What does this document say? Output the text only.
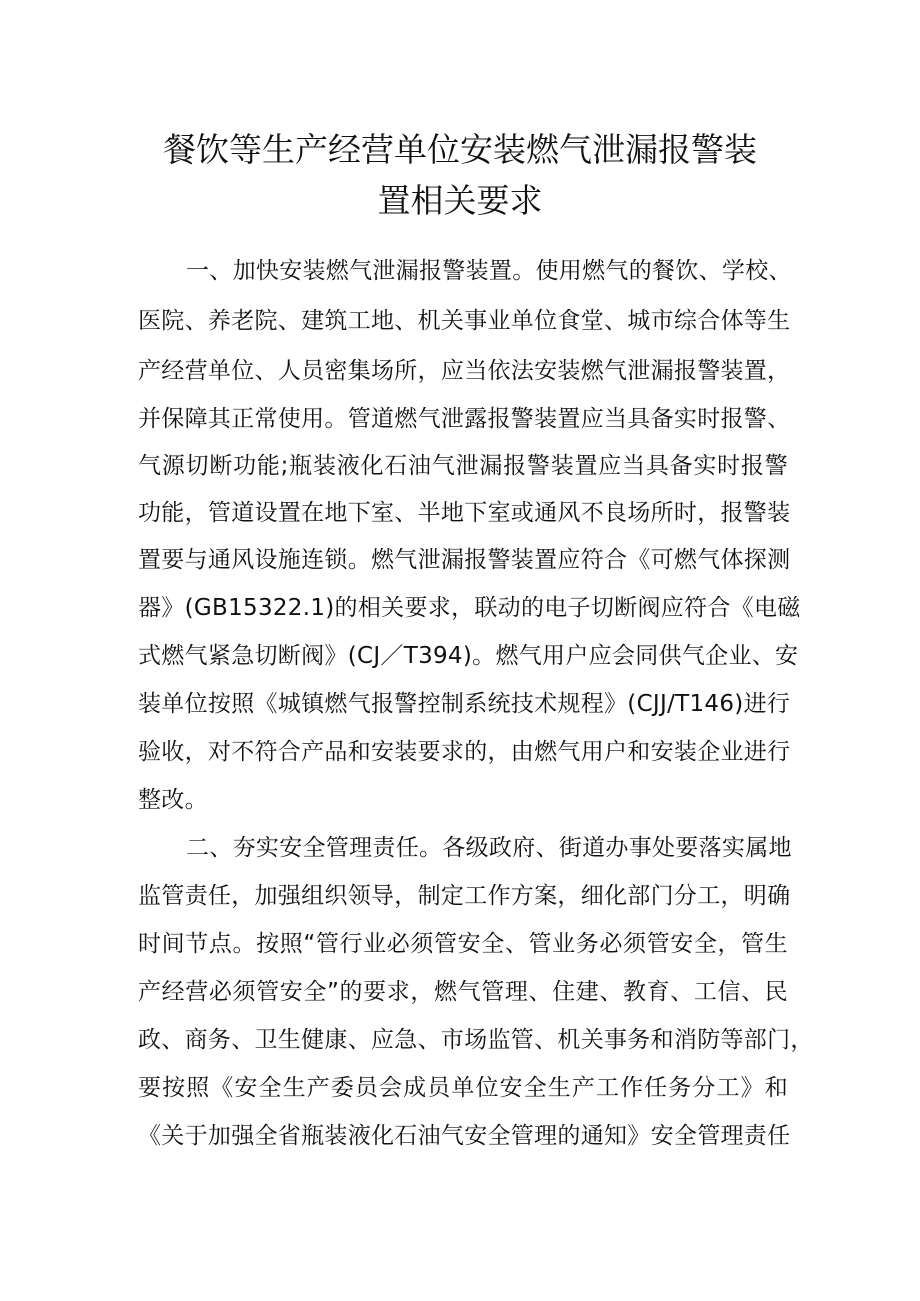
餐饮等生产经营单位安装燃气泄漏报警装
置相关要求
一、加快安装燃气泄漏报警装置。使用燃气的餐饮、学校、
医院、养老院、建筑工地、机关事业单位食堂、城市综合体等生
产经营单位、人员密集场所，应当依法安装燃气泄漏报警装置，
并保障其正常使用。管道燃气泄露报警装置应当具备实时报警、
气源切断功能;瓶装液化石油气泄漏报警装置应当具备实时报警
功能，管道设置在地下室、半地下室或通风不良场所时，报警装
置要与通风设施连锁。燃气泄漏报警装置应符合《可燃气体探测
器》(GB15322.1)的相关要求，联动的电子切断阀应符合《电磁
式燃气紧急切断阀》(CJ／T394)。燃气用户应会同供气企业、安
装单位按照《城镇燃气报警控制系统技术规程》(CJJ/T146)进行
验收，对不符合产品和安装要求的，由燃气用户和安装企业进行
整改。
二、夯实安全管理责任。各级政府、街道办事处要落实属地
监管责任，加强组织领导，制定工作方案，细化部门分工，明确
时间节点。按照“管行业必须管安全、管业务必须管安全，管生
产经营必须管安全”的要求，燃气管理、住建、教育、工信、民
政、商务、卫生健康、应急、市场监管、机关事务和消防等部门，
要按照《安全生产委员会成员单位安全生产工作任务分工》和
《关于加强全省瓶装液化石油气安全管理的通知》安全管理责任
